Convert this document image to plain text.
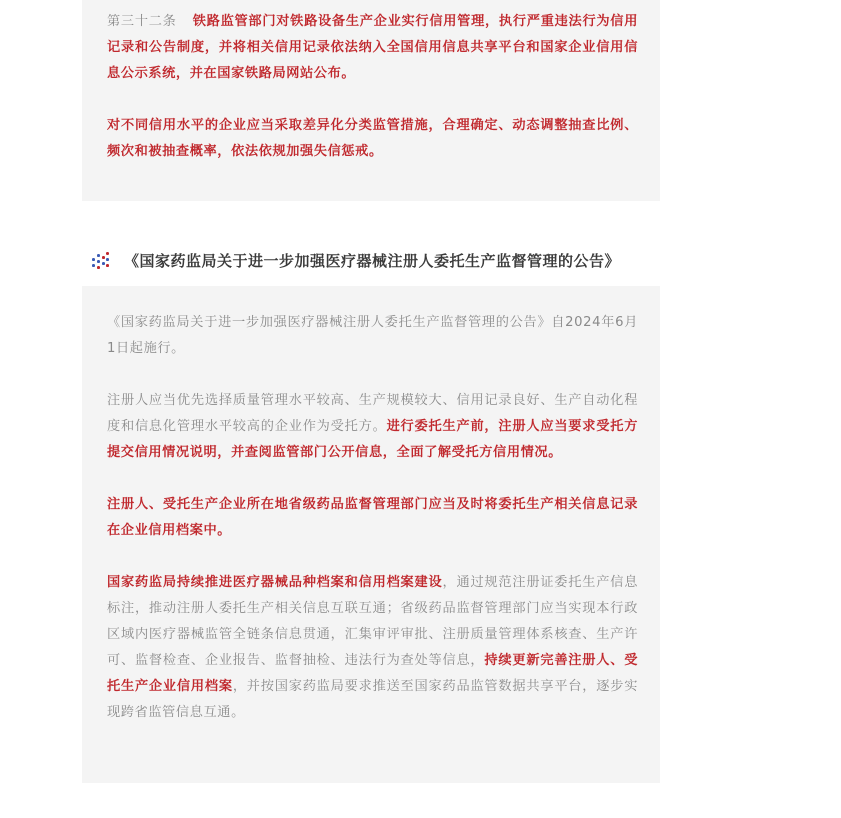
第三十二条 铁路监管部门对铁路设备生产企业实行信用管理，执行严重违法行为信用记录和公告制度，并将相关信用记录依法纳入全国信用信息共享平台和国家企业信用信息公示系统，并在国家铁路局网站公布。

对不同信用水平的企业应当采取差异化分类监管措施，合理确定、动态调整抽查比例、频次和被抽查概率，依法依规加强失信惩戒。

《国家药监局关于进一步加强医疗器械注册人委托生产监督管理的公告》

《国家药监局关于进一步加强医疗器械注册人委托生产监督管理的公告》自2024年6月1日起施行。

注册人应当优先选择质量管理水平较高、生产规模较大、信用记录良好、生产自动化程度和信息化管理水平较高的企业作为受托方。进行委托生产前，注册人应当要求受托方提交信用情况说明，并查阅监管部门公开信息，全面了解受托方信用情况。

注册人、受托生产企业所在地省级药品监督管理部门应当及时将委托生产相关信息记录在企业信用档案中。

国家药监局持续推进医疗器械品种档案和信用档案建设，通过规范注册证委托生产信息标注，推动注册人委托生产相关信息互联互通；省级药品监督管理部门应当实现本行政区域内医疗器械监管全链条信息贯通，汇集审评审批、注册质量管理体系核查、生产许可、监督检查、企业报告、监督抽检、违法行为查处等信息，持续更新完善注册人、受托生产企业信用档案，并按国家药监局要求推送至国家药品监管数据共享平台，逐步实现跨省监管信息互通。
